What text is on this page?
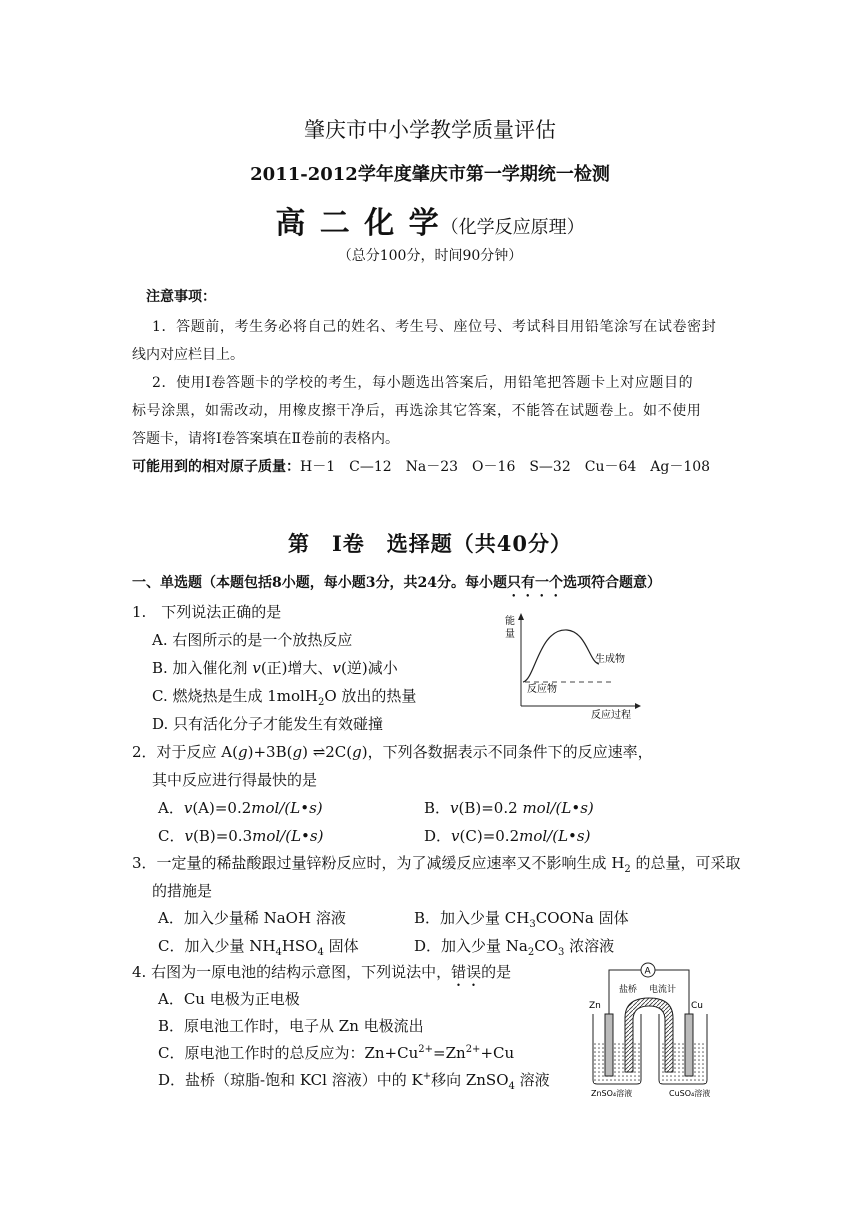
肇庆市中小学教学质量评估
2011-2012学年度肇庆市第一学期统一检测
高 二 化 学（化学反应原理）
（总分100分，时间90分钟）
注意事项：
1．答题前，考生务必将自己的姓名、考生号、座位号、考试科目用铅笔涂写在试卷密封
线内对应栏目上。
2．使用Ⅰ卷答题卡的学校的考生，每小题选出答案后，用铅笔把答题卡上对应题目的
标号涂黑，如需改动，用橡皮擦干净后，再选涂其它答案，不能答在试题卷上。如不使用
答题卡，请将Ⅰ卷答案填在Ⅱ卷前的表格内。
可能用到的相对原子质量：H－1　C—12　Na－23　O－16　S—32　Cu－64　Ag－108
第　Ⅰ卷　选择题（共40分）
一、单选题（本题包括8小题，每小题3分，共24分。每小题只有一个选项符合题意）
1.　下列说法正确的是
A. 右图所示的是一个放热反应
B. 加入催化剂 v(正)增大、v(逆)减小
C. 燃烧热是生成 1molH$_2$O 放出的热量
D. 只有活化分子才能发生有效碰撞
能
量
生成物
反应物
反应过程
2．对于反应 A(g)+3B(g) ⇌2C(g)，下列各数据表示不同条件下的反应速率，
其中反应进行得最快的是
A．v(A)=0.2mol/(L•s)	B．v(B)=0.2 mol/(L•s)
C．v(B)=0.3mol/(L•s)	D．v(C)=0.2mol/(L•s)
3．一定量的稀盐酸跟过量锌粉反应时，为了减缓反应速率又不影响生成 $H_2$ 的总量，可采取
的措施是
A．加入少量稀 NaOH 溶液	B．加入少量 $CH_3COONa$ 固体
C．加入少量 $NH_4HSO_4$ 固体	D．加入少量 $Na_2CO_3$ 浓溶液
4. 右图为一原电池的结构示意图，下列说法中，错误的是
A．Cu 电极为正电极
B．原电池工作时，电子从 Zn 电极流出
C．原电池工作时的总反应为：$Zn+Cu^{2+}=Zn^{2+}+Cu$
D．盐桥（琼脂-饱和 KCl 溶液）中的 K+移向 ZnSO$_4$ 溶液
A
盐桥 电流计
Zn	Cu
ZnSO₄溶液	CuSO₄溶液
